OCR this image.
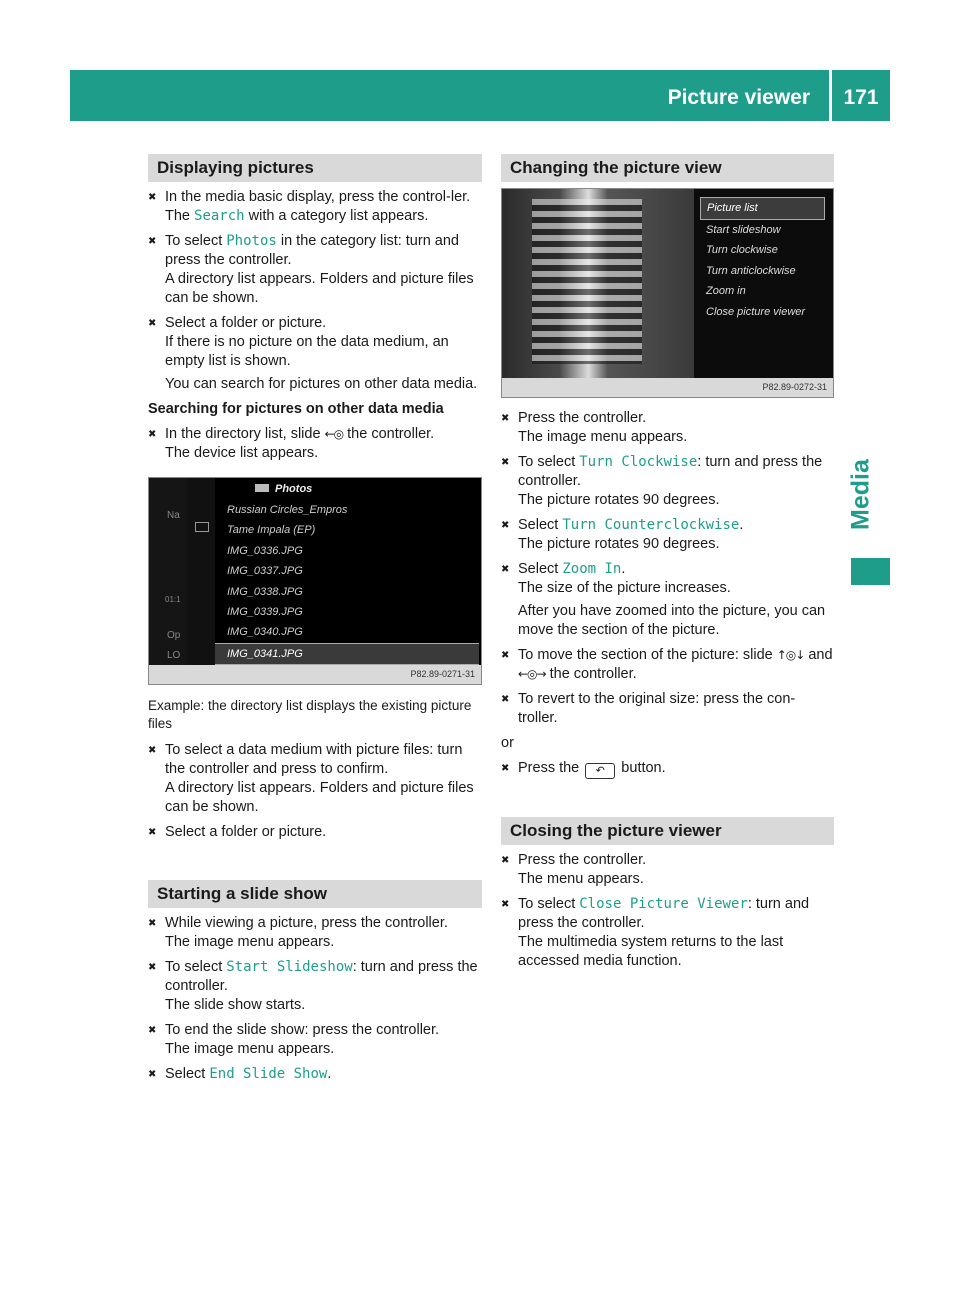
Picture viewer	171
Media
Displaying pictures
✖ In the media basic display, press the control-ler.
The Search with a category list appears.
✖ To select Photos in the category list: turn and press the controller.
A directory list appears. Folders and picture files can be shown.
✖ Select a folder or picture.
If there is no picture on the data medium, an empty list is shown.
You can search for pictures on other data media.
Searching for pictures on other data media
✖ In the directory list, slide ←◎ the controller.
The device list appears.
Na
01:1
Op
LO
Photos
Russian Circles_Empros
Tame Impala (EP)
IMG_0336.JPG
IMG_0337.JPG
IMG_0338.JPG
IMG_0339.JPG
IMG_0340.JPG
IMG_0341.JPG
P82.89-0271-31
Example: the directory list displays the existing picture files
✖ To select a data medium with picture files: turn the controller and press to confirm.
A directory list appears. Folders and picture files can be shown.
✖ Select a folder or picture.
Starting a slide show
✖ While viewing a picture, press the controller.
The image menu appears.
✖ To select Start Slideshow: turn and press the controller.
The slide show starts.
✖ To end the slide show: press the controller.
The image menu appears.
✖ Select End Slide Show.
Changing the picture view
Picture list
Start slideshow
Turn clockwise
Turn anticlockwise
Zoom in
Close picture viewer
P82.89-0272-31
✖ Press the controller.
The image menu appears.
✖ To select Turn Clockwise: turn and press the controller.
The picture rotates 90 degrees.
✖ Select Turn Counterclockwise.
The picture rotates 90 degrees.
✖ Select Zoom In.
The size of the picture increases.
After you have zoomed into the picture, you can move the section of the picture.
✖ To move the section of the picture: slide ↑◎↓ and ←◎→ the controller.
✖ To revert to the original size: press the con-troller.
or
✖ Press the ↶ button.
Closing the picture viewer
✖ Press the controller.
The menu appears.
✖ To select Close Picture Viewer: turn and press the controller.
The multimedia system returns to the last accessed media function.
